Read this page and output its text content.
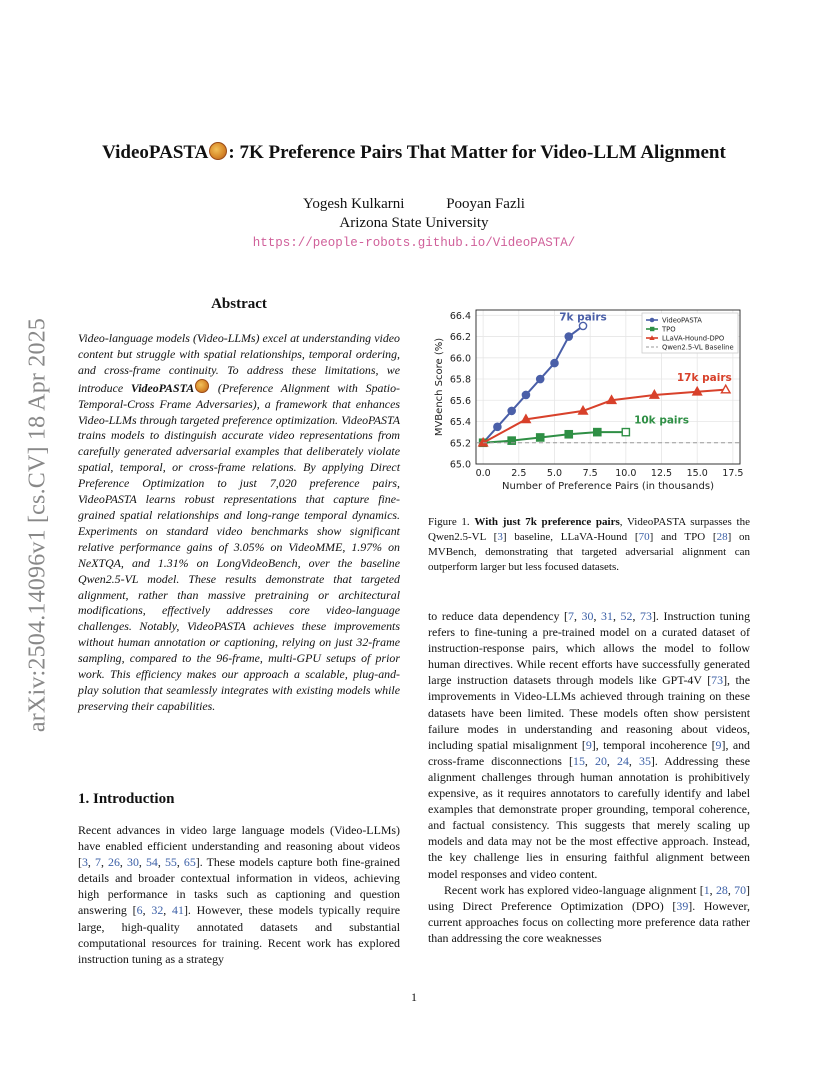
arXiv:2504.14096v1 [cs.CV] 18 Apr 2025
VideoPASTA : 7K Preference Pairs That Matter for Video-LLM Alignment
Yogesh Kulkarni	Pooyan Fazli
Arizona State University
https://people-robots.github.io/VideoPASTA/
Abstract
Video-language models (Video-LLMs) excel at understanding video content but struggle with spatial relationships, temporal ordering, and cross-frame continuity. To address these limitations, we introduce VideoPASTA (Preference Alignment with Spatio-Temporal-Cross Frame Adversaries), a framework that enhances Video-LLMs through targeted preference optimization. VideoPASTA trains models to distinguish accurate video representations from carefully generated adversarial examples that deliberately violate spatial, temporal, or cross-frame relations. By applying Direct Preference Optimization to just 7,020 preference pairs, VideoPASTA learns robust representations that capture fine-grained spatial relationships and long-range temporal dynamics. Experiments on standard video benchmarks show significant relative performance gains of 3.05% on VideoMME, 1.97% on NeXTQA, and 1.31% on LongVideoBench, over the baseline Qwen2.5-VL model. These results demonstrate that targeted alignment, rather than massive pretraining or architectural modifications, effectively addresses core video-language challenges. Notably, VideoPASTA achieves these improvements without human annotation or captioning, relying on just 32-frame sampling, compared to the 96-frame, multi-GPU setups of prior work. This efficiency makes our approach a scalable, plug-and-play solution that seamlessly integrates with existing models while preserving their capabilities.
1. Introduction
Recent advances in video large language models (Video-LLMs) have enabled efficient understanding and reasoning about videos [3, 7, 26, 30, 54, 55, 65]. These models capture both fine-grained details and broader contextual information in videos, achieving high performance in tasks such as captioning and question answering [6, 32, 41]. However, these models typically require large, high-quality annotated datasets and substantial computational resources for training. Recent work has explored instruction tuning as a strategy
65.0
65.2
65.4
65.6
65.8
66.0
66.2
66.4
0.0 2.5 5.0 7.5 10.0 12.5 15.0 17.5
Number of Preference Pairs (in thousands)
MVBench Score (%)
7k pairs
17k pairs
10k pairs
VideoPASTA
TPO
LLaVA-Hound-DPO
Qwen2.5-VL Baseline
Figure 1. With just 7k preference pairs, VideoPASTA surpasses the Qwen2.5-VL [3] baseline, LLaVA-Hound [70] and TPO [28] on MVBench, demonstrating that targeted adversarial alignment can outperform larger but less focused datasets.

to reduce data dependency [7, 30, 31, 52, 73]. Instruction tuning refers to fine-tuning a pre-trained model on a curated dataset of instruction-response pairs, which allows the model to follow human directives. While recent efforts have successfully generated large instruction datasets through models like GPT-4V [73], the improvements in Video-LLMs achieved through training on these datasets have been limited. These models often show persistent failure modes in understanding and reasoning about videos, including spatial misalignment [9], temporal incoherence [9], and cross-frame disconnections [15, 20, 24, 35]. Addressing these alignment challenges through human annotation is prohibitively expensive, as it requires annotators to carefully identify and label examples that demonstrate proper grounding, temporal coherence, and factual consistency. This suggests that merely scaling up models and data may not be the most effective approach. Instead, the key challenge lies in ensuring faithful alignment between model responses and video content.

Recent work has explored video-language alignment [1, 28, 70] using Direct Preference Optimization (DPO) [39]. However, current approaches focus on collecting more preference data rather than addressing the core weaknesses

1
